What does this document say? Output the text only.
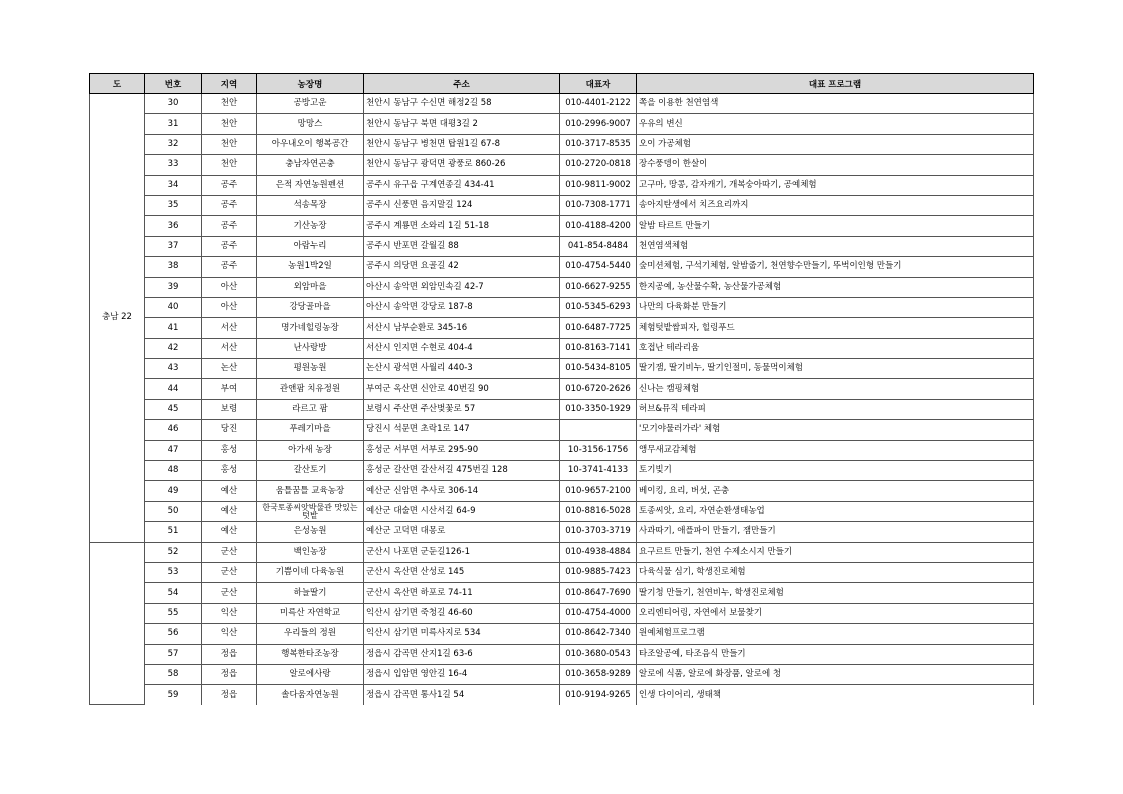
도	번호	지역	농장명	주소	대표자	대표 프로그램
충남 22	30	천안	공방고운	천안시 동남구 수신면 해정2길 58	010-4401-2122	쪽을 이용한 천연염색
	31	천안	망망스	천안시 동남구 북면 대평3길 2	010-2996-9007	우유의 변신
	32	천안	아우내오이 행복공간	천안시 동남구 병천면 탑원1길 67-8	010-3717-8535	오이 가공체험
	33	천안	충남자연곤충	천안시 동남구 광덕면 광풍로 860-26	010-2720-0818	장수풍뎅이 한살이
	34	공주	은적 자연농원펜션	공주시 유구읍 구계연종길 434-41	010-9811-9002	고구마, 땅콩, 감자캐기, 개복숭아따기, 공예체험
	35	공주	석송목장	공주시 신풍면 음지말길 124	010-7308-1771	송아지탄생에서 치즈요리까지
	36	공주	기산농장	공주시 계룡면 소와리 1길 51-18	010-4188-4200	알밤 타르트 만들기
	37	공주	아람누리	공주시 반포면 갈월길 88	041-854-8484	천연염색체험
	38	공주	농원1박2일	공주시 의당면 요골길 42	010-4754-5440	숲미션체험, 구석기체험, 알밤줍기, 천연향수만들기, 뚜벅이인형 만들기
	39	아산	외암마을	아산시 송악면 외암민속길 42-7	010-6627-9255	한지공예, 농산물수확, 농산물가공체험
	40	아산	강당골마을	아산시 송악면 강당로 187-8	010-5345-6293	나만의 다육화분 만들기
	41	서산	명가네힐링농장	서산시 남부순환로 345-16	010-6487-7725	체험텃밭쌈피자, 힐링푸드
	42	서산	난사랑방	서산시 인지면 수현로 404-4	010-8163-7141	호접난 테라리움
	43	논산	평원농원	논산시 광석면 사월리 440-3	010-5434-8105	딸기잼, 딸기비누, 딸기인절미, 동물먹이체험
	44	부여	관앤팜 치유정원	부여군 옥산면 신안로 40번길 90	010-6720-2626	신나는 캠핑체험
	45	보령	라르고 팜	보령시 주산면 주산벚꽃로 57	010-3350-1929	허브&뮤직 테라피
	46	당진	푸레기마을	당진시 석문면 초락1로 147		'모기야물러가라' 체험
	47	홍성	아가새 농장	홍성군 서부면 서부로 295-90	10-3156-1756	앵무새교감체험
	48	홍성	갈산토기	홍성군 갈산면 갈산서길 475번길 128	10-3741-4133	토기빚기
	49	예산	움틀꿈틀 교육농장	예산군 신암면 추사로 306-14	010-9657-2100	베이킹, 요리, 버섯, 곤충
	50	예산	한국토종씨앗박물관 맛있는 텃밭	예산군 대술면 시산서길 64-9	010-8816-5028	토종씨앗, 요리, 자연순환생태농업
	51	예산	은성농원	예산군 고덕면 대몽로	010-3703-3719	사과따기, 애플파이 만들기, 잼만들기
	52	군산	백인농장	군산시 나포면 군둔길126-1	010-4938-4884	요구르트 만들기, 천연 수제소시지 만들기
	53	군산	기쁨이네 다육농원	군산시 옥산면 산성로 145	010-9885-7423	다육식물 심기, 학생진로체험
	54	군산	하늘딸기	군산시 옥산면 하포로 74-11	010-8647-7690	딸기청 만들기, 천연비누, 학생진로체험
	55	익산	미륵산 자연학교	익산시 삼기면 죽청길 46-60	010-4754-4000	오리엔티어링, 자연에서 보물찾기
	56	익산	우리들의 정원	익산시 삼기면 미륵사지로 534	010-8642-7340	원예체험프로그램
	57	정읍	행복한타조농장	정읍시 감곡면 산지1길 63-6	010-3680-0543	타조알공예, 타조음식 만들기
	58	정읍	알로에사랑	정읍시 입암면 영안길 16-4	010-3658-9289	알로에 식품, 알로에 화장품, 알로에 청
	59	정읍	솔다움자연농원	정읍시 감곡면 통사1길 54	010-9194-9265	인생 다이어리, 생태책
